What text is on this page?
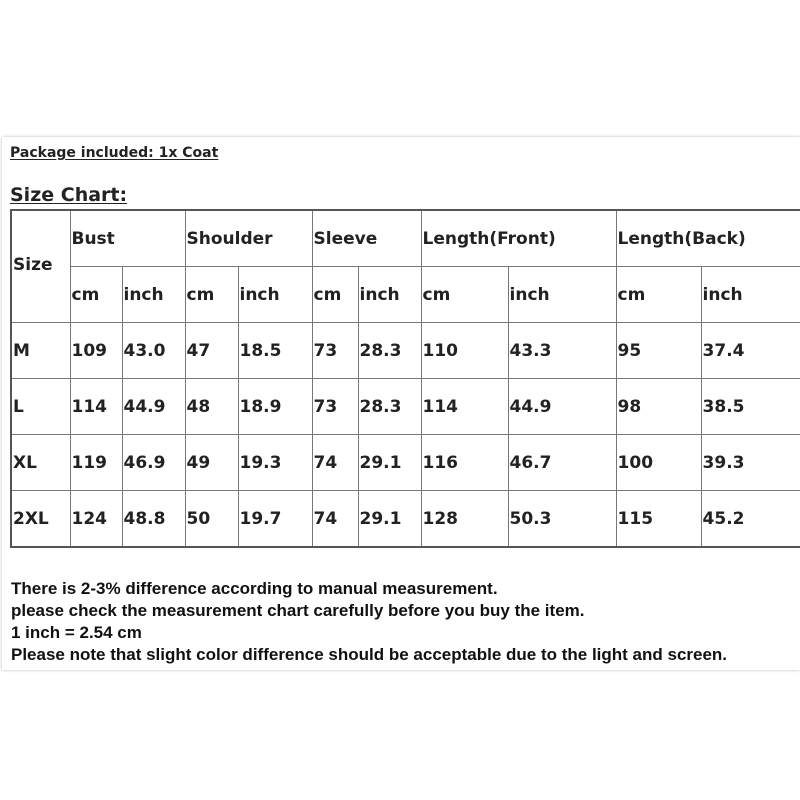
Package included: 1x Coat
Size Chart:
Size	Bust		Shoulder		Sleeve		Length(Front)		Length(Back)	
	cm	inch	cm	inch	cm	inch	cm	inch	cm	inch
M	109	43.0	47	18.5	73	28.3	110	43.3	95	37.4
L	114	44.9	48	18.9	73	28.3	114	44.9	98	38.5
XL	119	46.9	49	19.3	74	29.1	116	46.7	100	39.3
2XL	124	48.8	50	19.7	74	29.1	128	50.3	115	45.2
There is 2-3% difference according to manual measurement.
please check the measurement chart carefully before you buy the item.
1 inch = 2.54 cm
Please note that slight color difference should be acceptable due to the light and screen.
